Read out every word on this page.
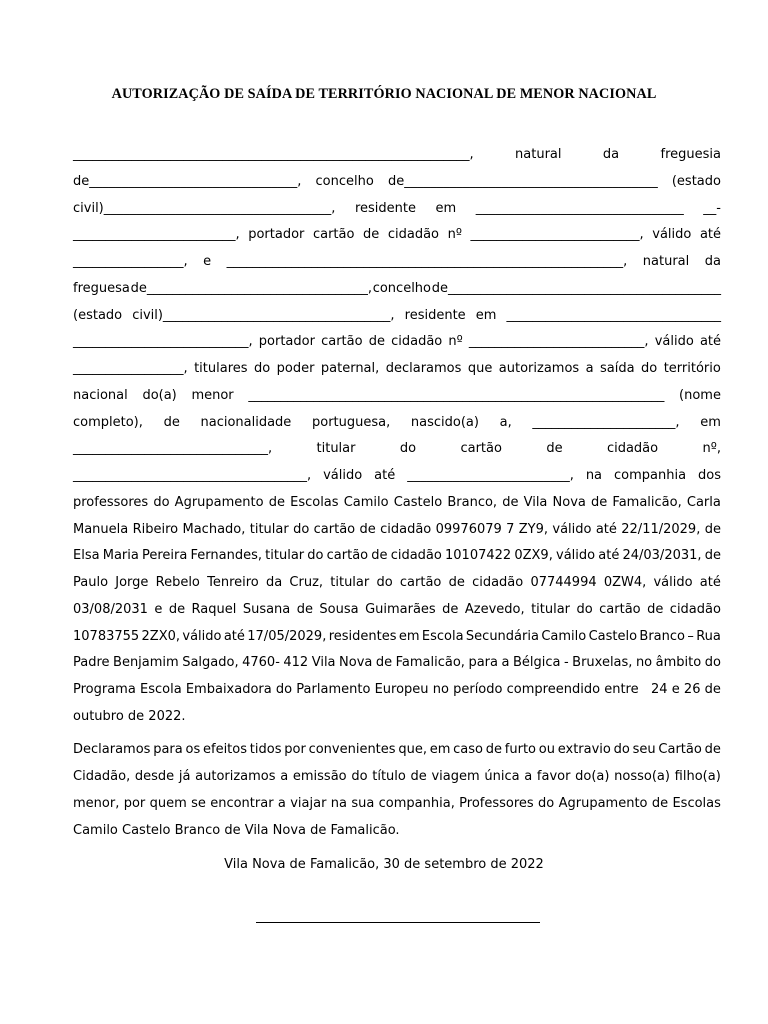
AUTORIZAÇÃO DE SAÍDA DE TERRITÓRIO NACIONAL DE MENOR NACIONAL
_____________________________________________________________,	natural	da	freguesia
de________________________________, concelho de_______________________________________ (estado
civil)___________________________________, residente em ________________________________ __-
_________________________, portador cartão de cidadão nº __________________________, válido até
_________________, e _____________________________________________________________, natural da
freguesa de__________________________________, concelho de__________________________________________
(estado civil)___________________________________, residente em _________________________________
___________________________, portador cartão de cidadão nº ___________________________, válido até
_________________, titulares do poder paternal, declaramos que autorizamos a saída do território
nacional do(a) menor ________________________________________________________________ (nome
completo), de nacionalidade portuguesa, nascido(a) a, ______________________, em
______________________________,	titular	do	cartão	de	cidadão	nº,
____________________________________, válido até _________________________, na companhia dos
professores do Agrupamento de Escolas Camilo Castelo Branco, de Vila Nova de Famalicão, Carla
Manuela Ribeiro Machado, titular do cartão de cidadão 09976079 7 ZY9, válido até 22/11/2029, de
Elsa Maria Pereira Fernandes, titular do cartão de cidadão 10107422 0ZX9, válido até 24/03/2031, de
Paulo Jorge Rebelo Tenreiro da Cruz, titular do cartão de cidadão 07744994 0ZW4, válido até
03/08/2031 e de Raquel Susana de Sousa Guimarães de Azevedo, titular do cartão de cidadão
10783755 2ZX0, válido até 17/05/2029, residentes em Escola Secundária Camilo Castelo Branco – Rua
Padre Benjamim Salgado, 4760- 412 Vila Nova de Famalicão, para a Bélgica - Bruxelas, no âmbito do
Programa Escola Embaixadora do Parlamento Europeu no período compreendido entre 24 e 26 de
outubro de 2022.
Declaramos para os efeitos tidos por convenientes que, em caso de furto ou extravio do seu Cartão de
Cidadão, desde já autorizamos a emissão do título de viagem única a favor do(a) nosso(a) filho(a)
menor, por quem se encontrar a viajar na sua companhia, Professores do Agrupamento de Escolas
Camilo Castelo Branco de Vila Nova de Famalicão.
Vila Nova de Famalicão, 30 de setembro de 2022
